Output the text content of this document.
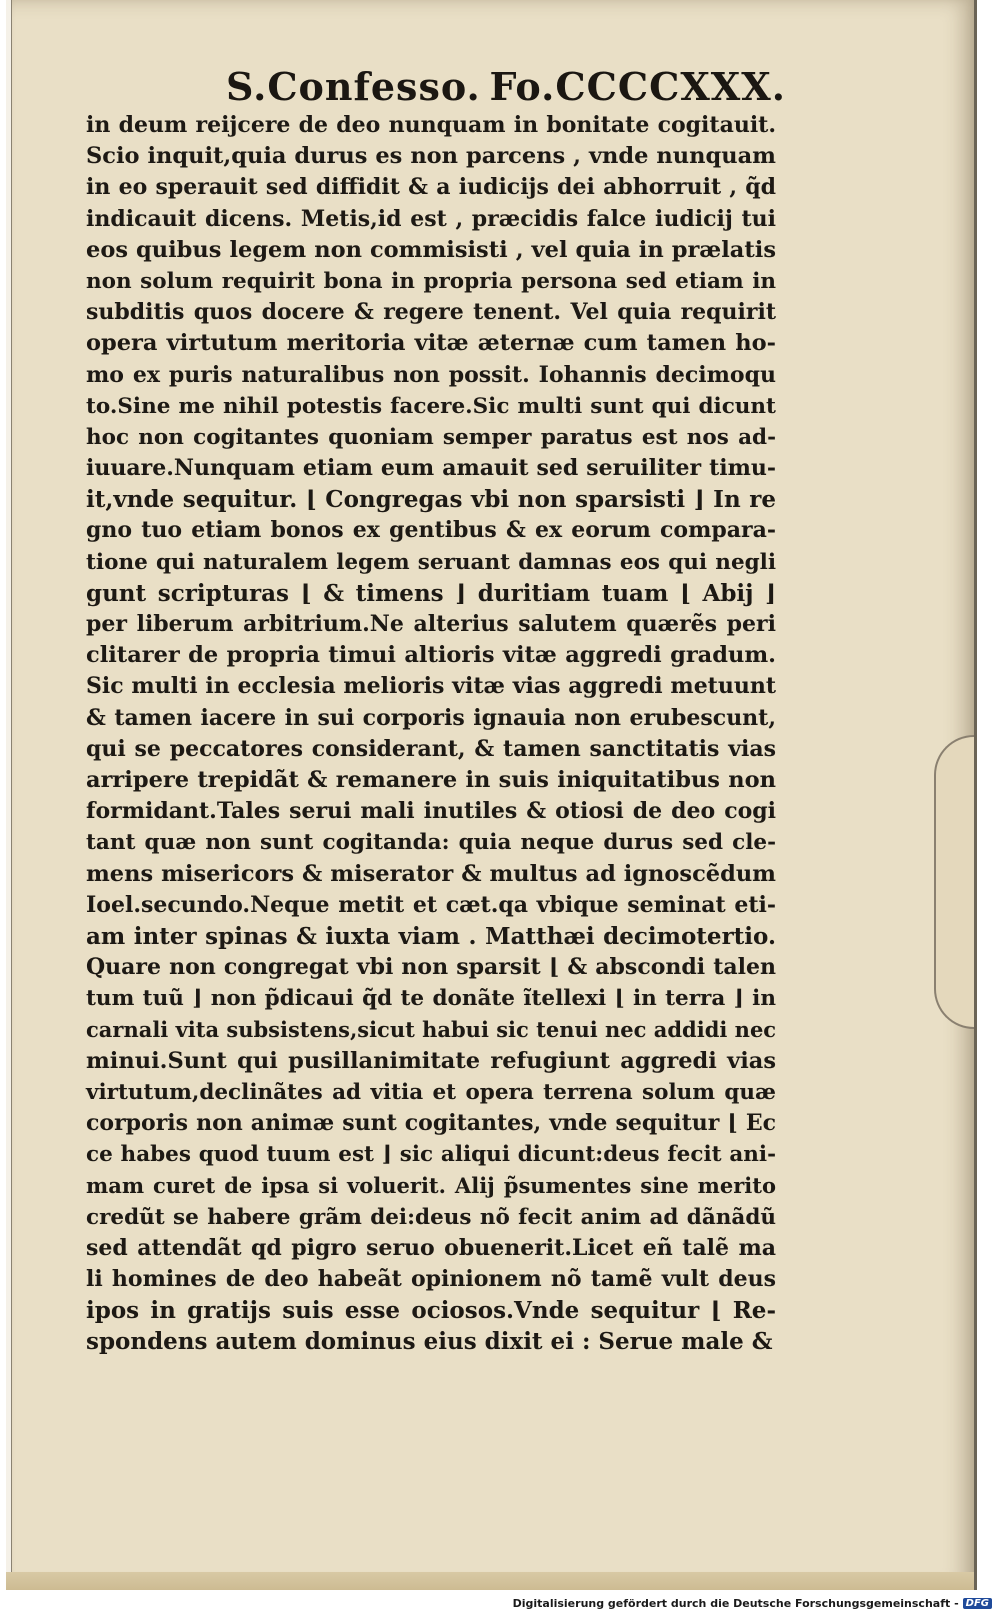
S.Confesso. Fo.CCCCXXX.
in deum reijcere de deo nunquam in bonitate cogitauit.
Scio inquit,quia durus es non parcens , vnde nunquam
in eo sperauit sed diffidit & a iudicijs dei abhorruit , q̃d
indicauit dicens. Metis,id est , præcidis falce iudicij tui
eos quibus legem non commisisti , vel quia in prælatis
non solum requirit bona in propria persona sed etiam in
subditis quos docere & regere tenent. Vel quia requirit
opera virtutum meritoria vitæ æternæ cum tamen ho-
mo ex puris naturalibus non possit. Iohannis decimoqu
to.Sine me nihil potestis facere.Sic multi sunt qui dicunt
hoc non cogitantes quoniam semper paratus est nos ad-
iuuare.Nunquam etiam eum amauit sed seruiliter timu-
it,vnde sequitur. ⌊ Congregas vbi non sparsisti ⌋ In re
gno tuo etiam bonos ex gentibus & ex eorum compara-
tione qui naturalem legem seruant damnas eos qui negli
gunt scripturas ⌊ & timens ⌋ duritiam tuam ⌊ Abij ⌋
per liberum arbitrium.Ne alterius salutem quærẽs peri
clitarer de propria timui altioris vitæ aggredi gradum.
Sic multi in ecclesia melioris vitæ vias aggredi metuunt
& tamen iacere in sui corporis ignauia non erubescunt,
qui se peccatores considerant, & tamen sanctitatis vias
arripere trepidãt & remanere in suis iniquitatibus non
formidant.Tales serui mali inutiles & otiosi de deo cogi
tant quæ non sunt cogitanda: quia neque durus sed cle-
mens misericors & miserator & multus ad ignoscẽdum
Ioel.secundo.Neque metit et cæt.qa vbique seminat eti-
am inter spinas & iuxta viam . Matthæi decimotertio.
Quare non congregat vbi non sparsit ⌊ & abscondi talen
tum tuũ ⌋ non p̃dicaui q̃d te donãte ĩtellexi ⌊ in terra ⌋ in
carnali vita subsistens,sicut habui sic tenui nec addidi nec
minui.Sunt qui pusillanimitate refugiunt aggredi vias
virtutum,declinãtes ad vitia et opera terrena solum quæ
corporis non animæ sunt cogitantes, vnde sequitur ⌊ Ec
ce habes quod tuum est ⌋ sic aliqui dicunt:deus fecit ani-
mam curet de ipsa si voluerit. Alij p̃sumentes sine merito
credũt se habere grãm dei:deus nõ fecit anim ad dãnãdũ
sed attendãt qd pigro seruo obuenerit.Licet eñ talẽ ma
li homines de deo habeãt opinionem nõ tamẽ vult deus
ipos in gratijs suis esse ociosos.Vnde sequitur ⌊ Re-
spondens autem dominus eius dixit ei : Serue male &
Digitalisierung gefördert durch die Deutsche Forschungsgemeinschaft - DFG
